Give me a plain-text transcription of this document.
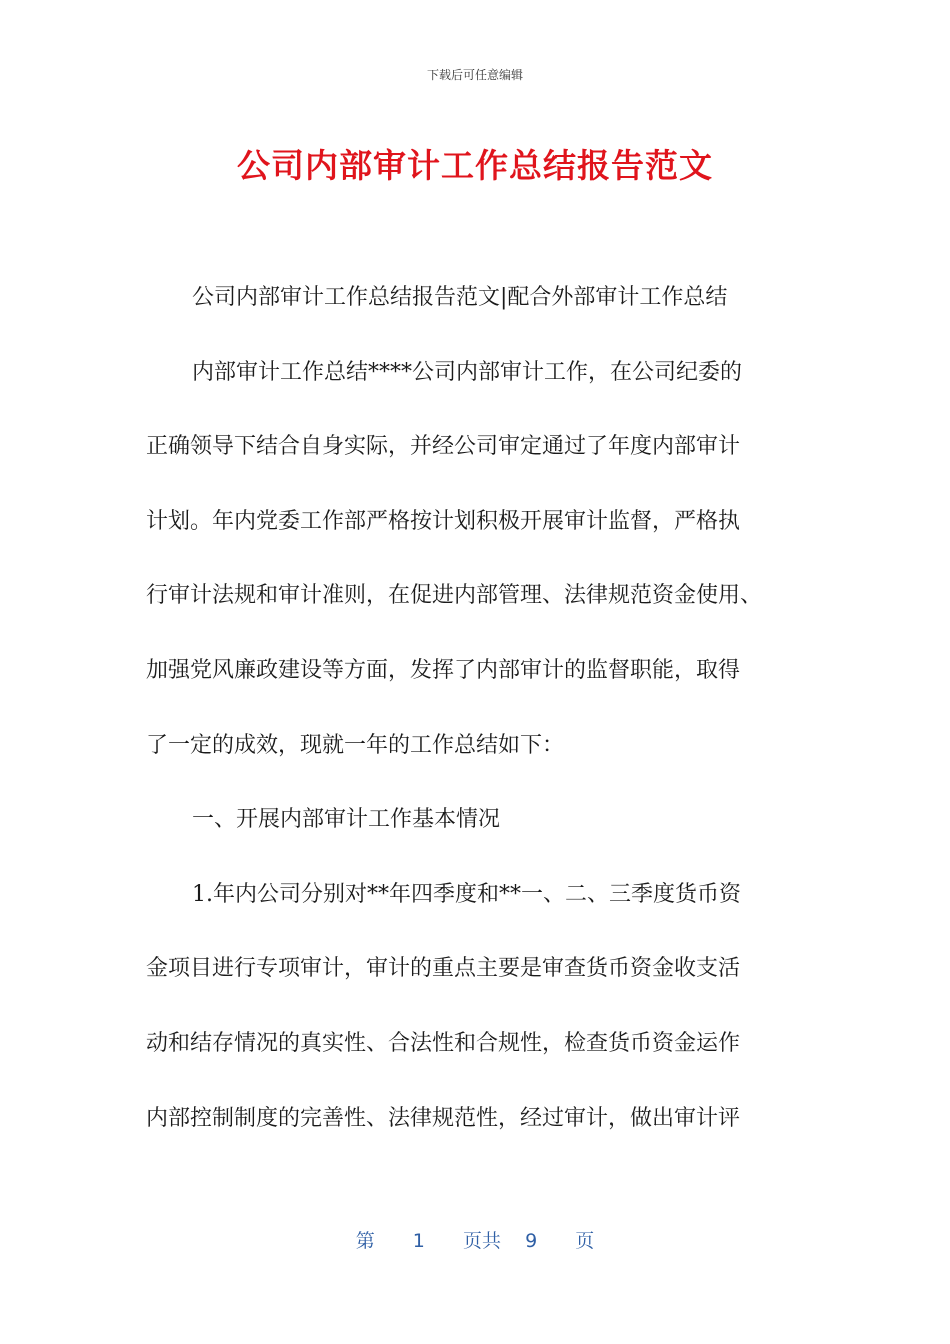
下载后可任意编辑
公司内部审计工作总结报告范文
公司内部审计工作总结报告范文|配合外部审计工作总结
内部审计工作总结****公司内部审计工作，在公司纪委的
正确领导下结合自身实际，并经公司审定通过了年度内部审计
计划。年内党委工作部严格按计划积极开展审计监督，严格执
行审计法规和审计准则，在促进内部管理、法律规范资金使用、
加强党风廉政建设等方面，发挥了内部审计的监督职能，取得
了一定的成效，现就一年的工作总结如下：
一、开展内部审计工作基本情况
1.年内公司分别对**年四季度和**一、二、三季度货币资
金项目进行专项审计，审计的重点主要是审查货币资金收支活
动和结存情况的真实性、合法性和合规性，检查货币资金运作
内部控制制度的完善性、法律规范性，经过审计，做出审计评
第 1 页共 9 页
